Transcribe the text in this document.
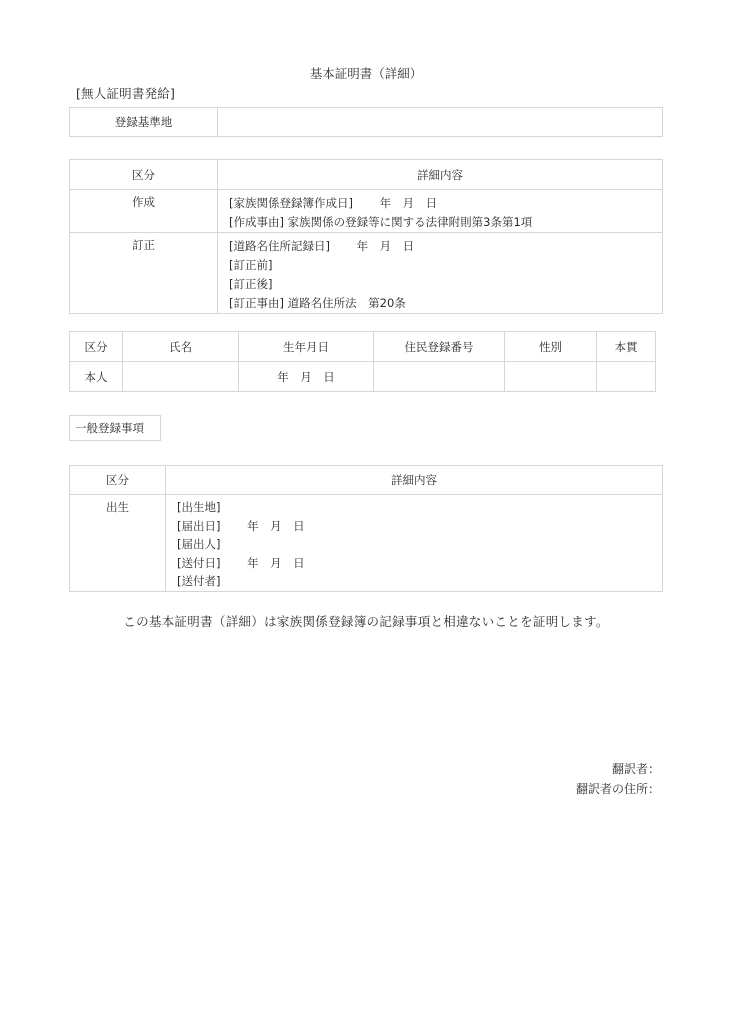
基本証明書（詳細）
[無人証明書発給]
登録基準地	
区分	詳細内容
作成	[家族関係登録簿作成日]　　 年　月　日
[作成事由] 家族関係の登録等に関する法律附則第3条第1項

訂正	[道路名住所記録日]　　 年　月　日
[訂正前]
[訂正後]
[訂正事由] 道路名住所法　第20条
区分	氏名	生年月日	住民登録番号	性別	本貫
本人		年　月　日			
一般登録事項
区分	詳細内容
出生	[出生地]
[届出日]　　 年　月　日
[届出人]
[送付日]　　 年　月　日
[送付者]
この基本証明書（詳細）は家族関係登録簿の記録事項と相違ないことを証明します。
翻訳者：
翻訳者の住所：
